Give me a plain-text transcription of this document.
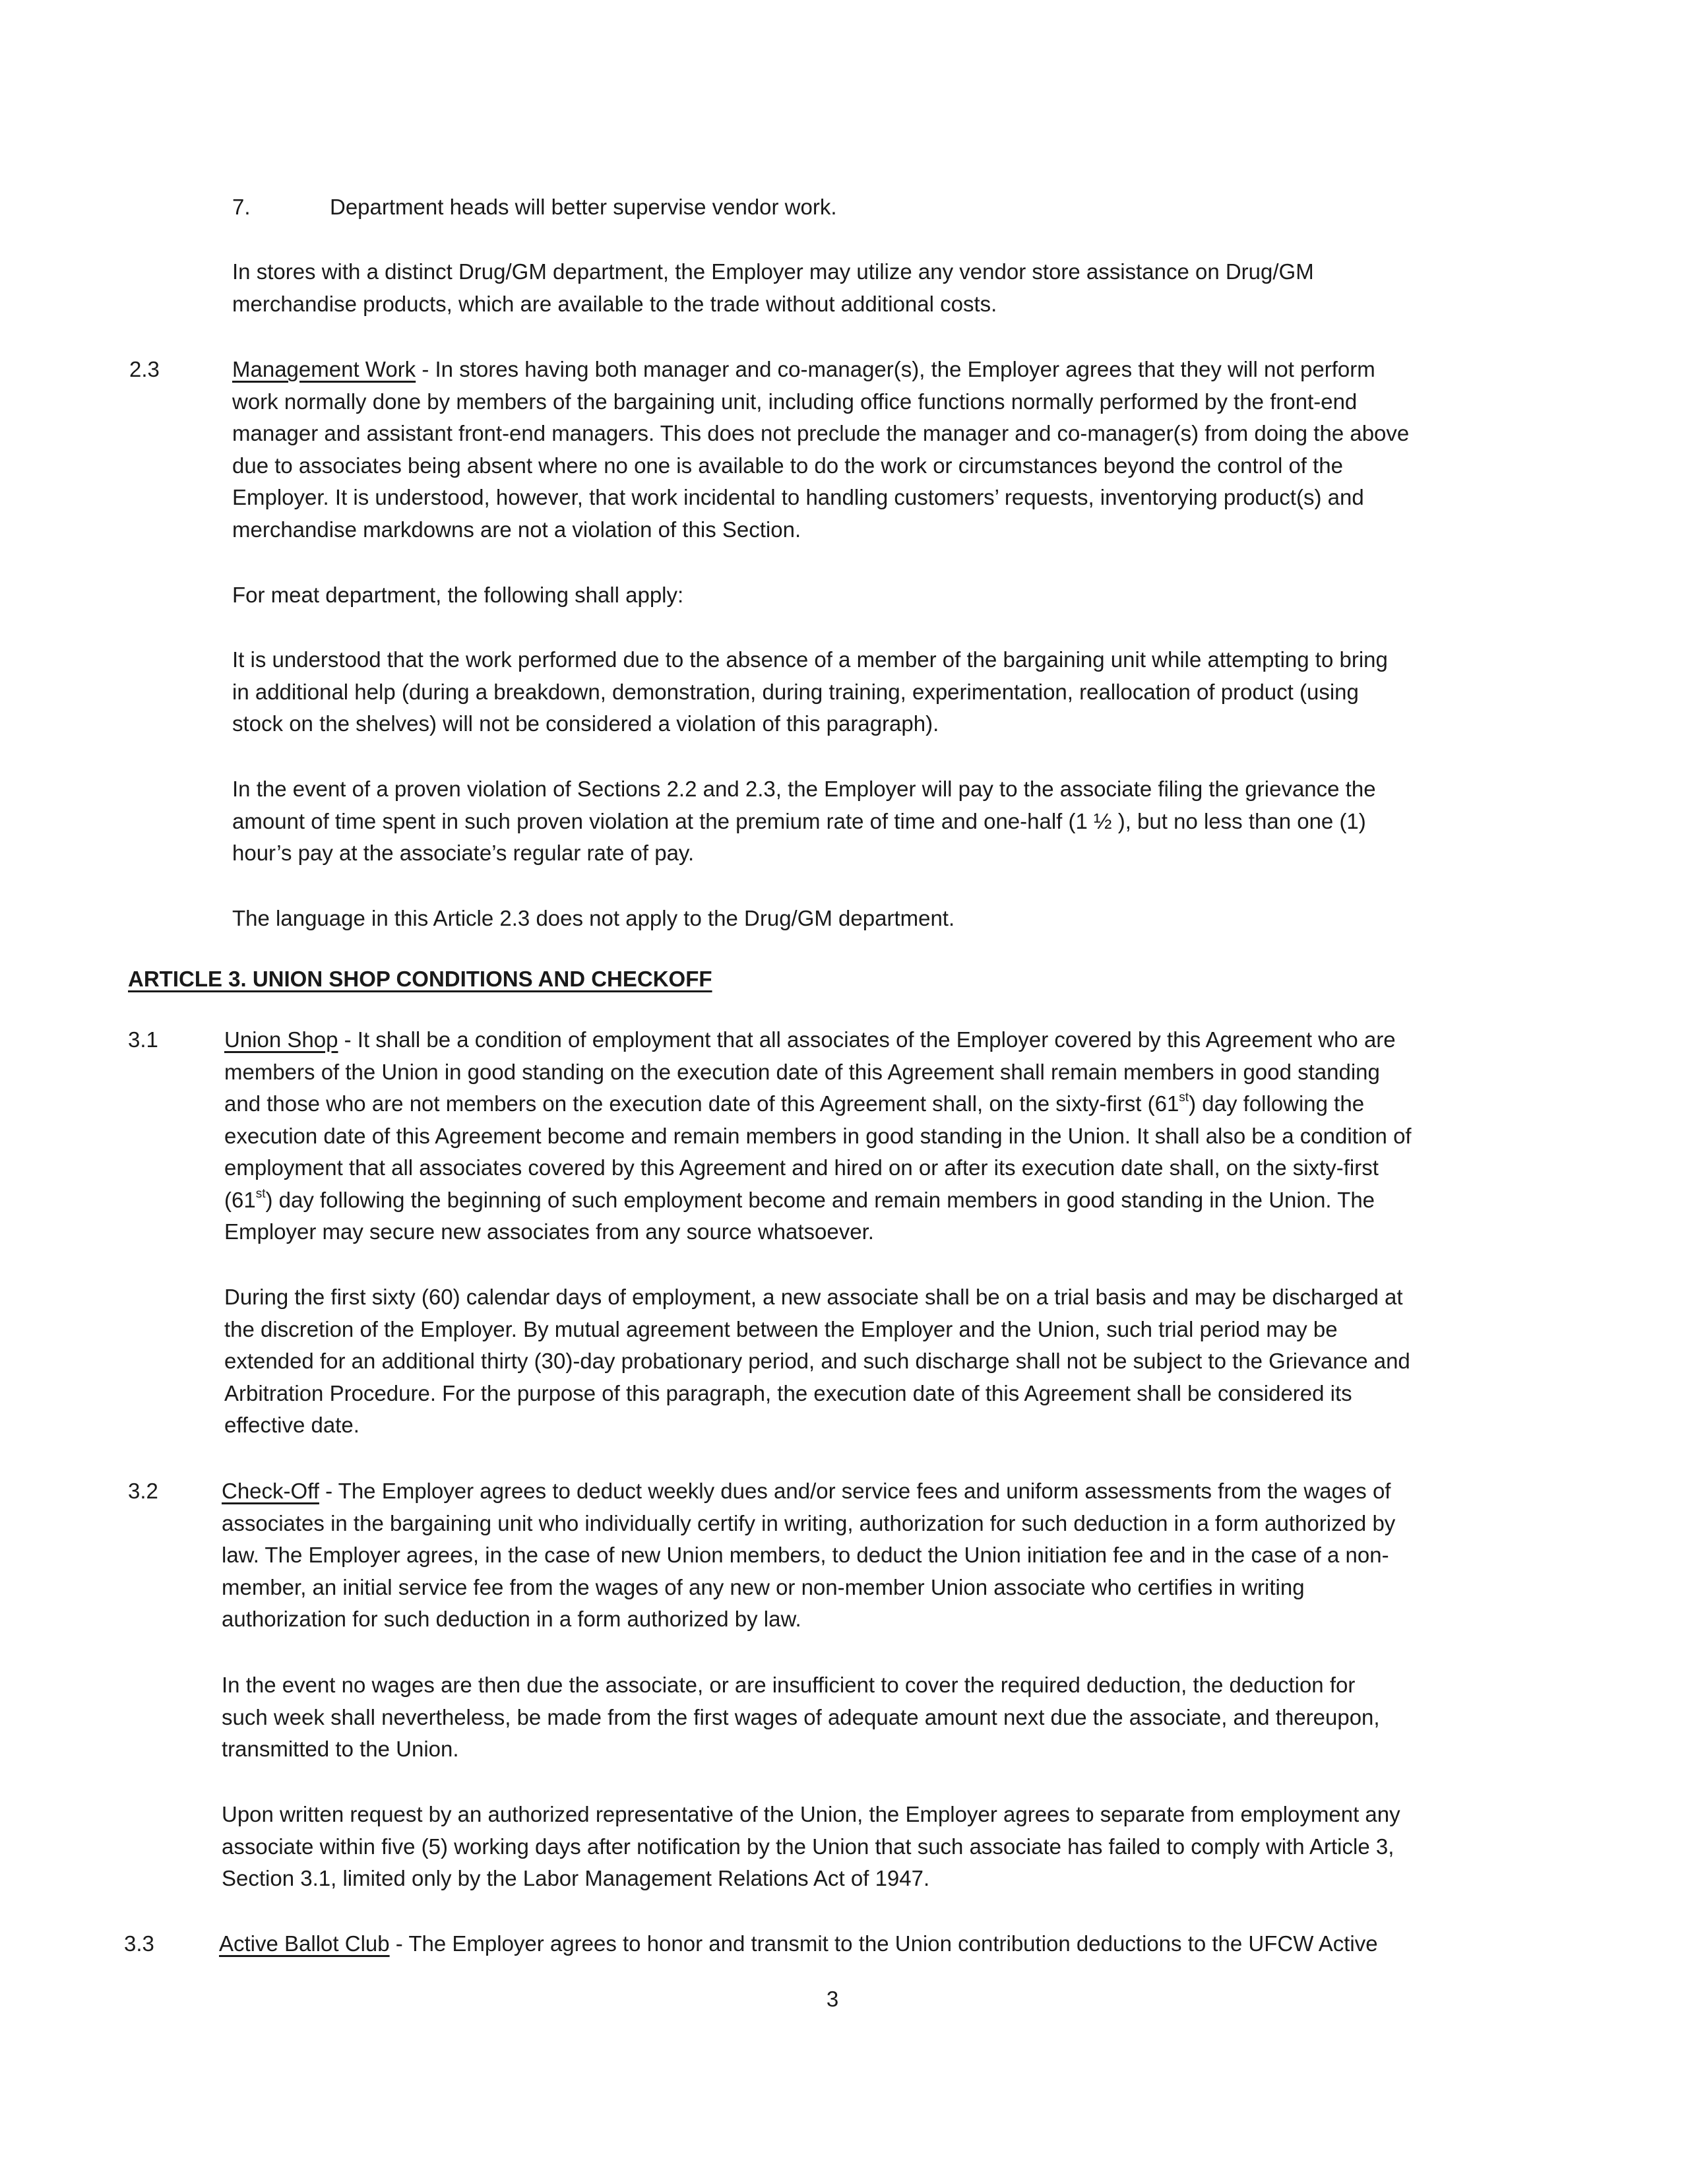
7.	Department heads will better supervise vendor work.

In stores with a distinct Drug/GM department, the Employer may utilize any vendor store assistance on Drug/GM
merchandise products, which are available to the trade without additional costs.
2.3	Management Work - In stores having both manager and co-manager(s), the Employer agrees that they will not perform
work normally done by members of the bargaining unit, including office functions normally performed by the front-end
manager and assistant front-end managers. This does not preclude the manager and co-manager(s) from doing the above
due to associates being absent where no one is available to do the work or circumstances beyond the control of the
Employer. It is understood, however, that work incidental to handling customers’ requests, inventorying product(s) and
merchandise markdowns are not a violation of this Section.

For meat department, the following shall apply:

It is understood that the work performed due to the absence of a member of the bargaining unit while attempting to bring
in additional help (during a breakdown, demonstration, during training, experimentation, reallocation of product (using
stock on the shelves) will not be considered a violation of this paragraph).
In the event of a proven violation of Sections 2.2 and 2.3, the Employer will pay to the associate filing the grievance the
amount of time spent in such proven violation at the premium rate of time and one-half (1 ½ ), but no less than one (1)
hour’s pay at the associate’s regular rate of pay.

The language in this Article 2.3 does not apply to the Drug/GM department.

ARTICLE 3. UNION SHOP CONDITIONS AND CHECKOFF
3.1	Union Shop - It shall be a condition of employment that all associates of the Employer covered by this Agreement who are
members of the Union in good standing on the execution date of this Agreement shall remain members in good standing
and those who are not members on the execution date of this Agreement shall, on the sixty-first (61st) day following the
execution date of this Agreement become and remain members in good standing in the Union. It shall also be a condition of
employment that all associates covered by this Agreement and hired on or after its execution date shall, on the sixty-first
(61st) day following the beginning of such employment become and remain members in good standing in the Union. The
Employer may secure new associates from any source whatsoever.
During the first sixty (60) calendar days of employment, a new associate shall be on a trial basis and may be discharged at
the discretion of the Employer. By mutual agreement between the Employer and the Union, such trial period may be
extended for an additional thirty (30)-day probationary period, and such discharge shall not be subject to the Grievance and
Arbitration Procedure. For the purpose of this paragraph, the execution date of this Agreement shall be considered its
effective date.
3.2	Check-Off - The Employer agrees to deduct weekly dues and/or service fees and uniform assessments from the wages of
associates in the bargaining unit who individually certify in writing, authorization for such deduction in a form authorized by
law. The Employer agrees, in the case of new Union members, to deduct the Union initiation fee and in the case of a non-
member, an initial service fee from the wages of any new or non-member Union associate who certifies in writing
authorization for such deduction in a form authorized by law.
In the event no wages are then due the associate, or are insufficient to cover the required deduction, the deduction for
such week shall nevertheless, be made from the first wages of adequate amount next due the associate, and thereupon,
transmitted to the Union.
Upon written request by an authorized representative of the Union, the Employer agrees to separate from employment any
associate within five (5) working days after notification by the Union that such associate has failed to comply with Article 3,
Section 3.1, limited only by the Labor Management Relations Act of 1947.
3.3	Active Ballot Club - The Employer agrees to honor and transmit to the Union contribution deductions to the UFCW Active
3
